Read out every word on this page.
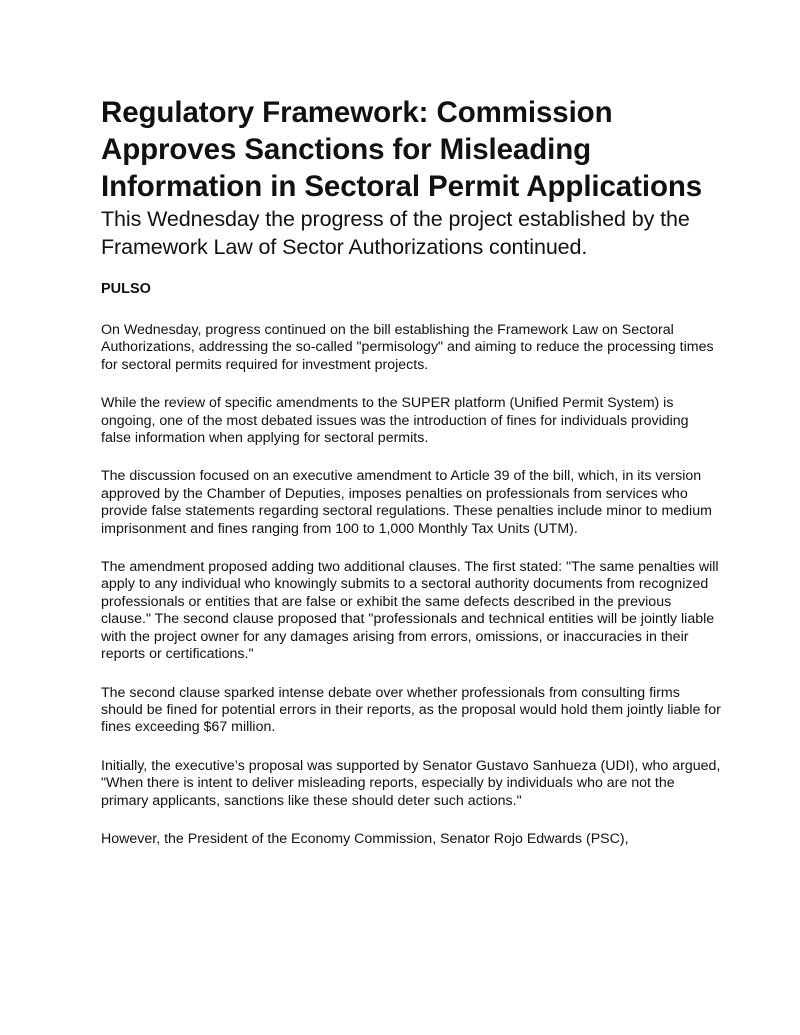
Regulatory Framework: Commission Approves Sanctions for Misleading Information in Sectoral Permit Applications
This Wednesday the progress of the project established by the Framework Law of Sector Authorizations continued.
PULSO

On Wednesday, progress continued on the bill establishing the Framework Law on Sectoral Authorizations, addressing the so-called "permisology" and aiming to reduce the processing times for sectoral permits required for investment projects.

While the review of specific amendments to the SUPER platform (Unified Permit System) is ongoing, one of the most debated issues was the introduction of fines for individuals providing false information when applying for sectoral permits.

The discussion focused on an executive amendment to Article 39 of the bill, which, in its version approved by the Chamber of Deputies, imposes penalties on professionals from services who provide false statements regarding sectoral regulations. These penalties include minor to medium imprisonment and fines ranging from 100 to 1,000 Monthly Tax Units (UTM).

The amendment proposed adding two additional clauses. The first stated: "The same penalties will apply to any individual who knowingly submits to a sectoral authority documents from recognized professionals or entities that are false or exhibit the same defects described in the previous clause." The second clause proposed that "professionals and technical entities will be jointly liable with the project owner for any damages arising from errors, omissions, or inaccuracies in their reports or certifications."

The second clause sparked intense debate over whether professionals from consulting firms should be fined for potential errors in their reports, as the proposal would hold them jointly liable for fines exceeding $67 million.

Initially, the executive’s proposal was supported by Senator Gustavo Sanhueza (UDI), who argued, "When there is intent to deliver misleading reports, especially by individuals who are not the primary applicants, sanctions like these should deter such actions."

However, the President of the Economy Commission, Senator Rojo Edwards (PSC),
